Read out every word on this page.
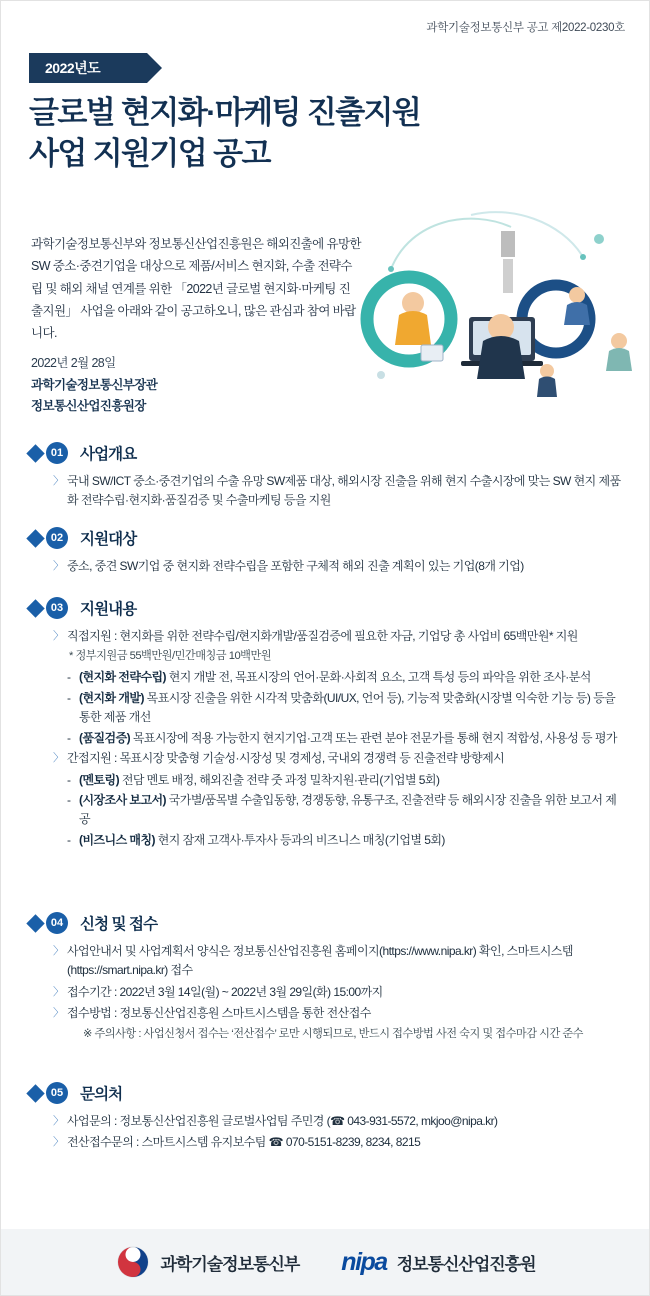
과학기술정보통신부 공고 제2022-0230호
2022년도
글로벌 현지화·마케팅 진출지원
사업 지원기업 공고
과학기술정보통신부와 정보통신산업진흥원은 해외진출에 유망한 SW 중소·중견기업을 대상으로 제품/서비스 현지화, 수출 전략수립 및 해외 채널 연계를 위한 「2022년 글로벌 현지화·마케팅 진출지원」 사업을 아래와 같이 공고하오니, 많은 관심과 참여 바랍니다.
2022년 2월 28일
과학기술정보통신부장관
정보통신산업진흥원장
01	사업개요
〉 국내 SW/ICT 중소·중견기업의 수출 유망 SW제품 대상, 해외시장 진출을 위해 현지 수출시장에 맞는 SW 현지 제품화 전략수립·현지화·품질검증 및 수출마케팅 등을 지원
02	지원대상
〉 중소, 중견 SW기업 중 현지화 전략수립을 포함한 구체적 해외 진출 계획이 있는 기업(8개 기업)
03	지원내용
〉 직접지원 : 현지화를 위한 전략수립/현지화개발/품질검증에 필요한 자금, 기업당 총 사업비 65백만원* 지원
* 정부지원금 55백만원/민간매칭금 10백만원
- (현지화 전략수립) 현지 개발 전, 목표시장의 언어·문화·사회적 요소, 고객 특성 등의 파악을 위한 조사·분석
- (현지화 개발) 목표시장 진출을 위한 시각적 맞춤화(UI/UX, 언어 등), 기능적 맞춤화(시장별 익숙한 기능 등) 등을 통한 제품 개선
- (품질검증) 목표시장에 적용 가능한지 현지기업·고객 또는 관련 분야 전문가를 통해 현지 적합성, 사용성 등 평가
〉 간접지원 : 목표시장 맞춤형 기술성·시장성 및 경제성, 국내외 경쟁력 등 진출전략 방향제시
- (멘토링) 전담 멘토 배정, 해외진출 전략 줏 과정 밀착지원·관리(기업별 5회)
- (시장조사 보고서) 국가별/품목별 수출입동향, 경쟁동향, 유통구조, 진출전략 등 해외시장 진출을 위한 보고서 제공
- (비즈니스 매칭) 현지 잠재 고객사·투자사 등과의 비즈니스 매칭(기업별 5회)
04	신청 및 접수
〉 사업안내서 및 사업계획서 양식은 정보통신산업진흥원 홈페이지(https://www.nipa.kr) 확인, 스마트시스템(https://smart.nipa.kr) 접수
〉 접수기간 : 2022년 3월 14일(월) ~ 2022년 3월 29일(화) 15:00까지
〉 접수방법 : 정보통신산업진흥원 스마트시스템을 통한 전산접수
※ 주의사항 : 사업신청서 접수는 ‘전산접수’ 로만 시행되므로, 반드시 접수방법 사전 숙지 및 접수마감 시간 준수
05	문의처
〉 사업문의 : 정보통신산업진흥원 글로벌사업팀 주민경 (☎ 043-931-5572, mkjoo@nipa.kr)
〉 전산접수문의 : 스마트시스템 유지보수팀 ☎ 070-5151-8239, 8234, 8215
과학기술정보통신부 nipa 정보통신산업진흥원
